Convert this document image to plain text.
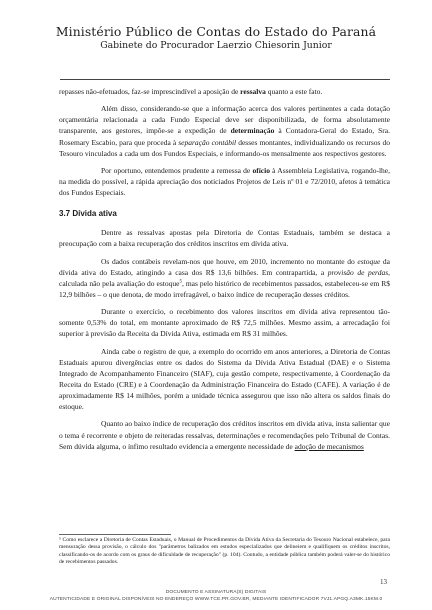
Ministério Público de Contas do Estado do Paraná
Gabinete do Procurador Laerzio Chiesorin Junior

repasses não-efetuados, faz-se imprescindível a aposição de ressalva quanto a este fato.

Além disso, considerando-se que a informação acerca dos valores pertinentes a cada dotação orçamentária relacionada a cada Fundo Especial deve ser disponibilizada, de forma absolutamente transparente, aos gestores, impõe-se a expedição de determinação à Contadora-Geral do Estado, Sra. Rosemary Escabio, para que proceda à separação contábil desses montantes, individualizando os recursos do Tesouro vinculados a cada um dos Fundos Especiais, e informando-os mensalmente aos respectivos gestores.

Por oportuno, entendemos prudente a remessa de ofício à Assembleia Legislativa, rogando-lhe, na medida do possível, a rápida apreciação dos noticiados Projetos de Leis nº 01 e 72/2010, afetos à temática dos Fundos Especiais.

3.7 Dívida ativa

Dentre as ressalvas apostas pela Diretoria de Contas Estaduais, também se destaca a preocupação com a baixa recuperação dos créditos inscritos em dívida ativa.

Os dados contábeis revelam-nos que houve, em 2010, incremento no montante do estoque da dívida ativa do Estado, atingindo a casa dos R$ 13,6 bilhões. Em contrapartida, a provisão de perdas, calculada não pela avaliação do estoque$^5$, mas pelo histórico de recebimentos passados, estabeleceu-se em R$ 12,9 bilhões – o que denota, de modo irrefragável, o baixo índice de recuperação desses créditos.

Durante o exercício, o recebimento dos valores inscritos em dívida ativa representou tão-somente 0,53% do total, em montante aproximado de R$ 72,5 milhões. Mesmo assim, a arrecadação foi superior à previsão da Receita da Dívida Ativa, estimada em R$ 31 milhões.

Ainda cabe o registro de que, a exemplo do ocorrido em anos anteriores, a Diretoria de Contas Estaduais apurou divergências entre os dados do Sistema da Dívida Ativa Estadual (DAE) e o Sistema Integrado de Acompanhamento Financeiro (SIAF), cuja gestão compete, respectivamente, à Coordenação da Receita do Estado (CRE) e à Coordenação da Administração Financeira do Estado (CAFE). A variação é de aproximadamente R$ 14 milhões, porém a unidade técnica assegurou que isso não altera os saldos finais do estoque.

Quanto ao baixo índice de recuperação dos créditos inscritos em dívida ativa, insta salientar que o tema é recorrente e objeto de reiteradas ressalvas, determinações e recomendações pelo Tribunal de Contas. Sem dúvida alguma, o ínfimo resultado evidencia a emergente necessidade de adoção de mecanismos

⁵ Como esclarece a Diretoria de Contas Estaduais, o Manual de Procedimentos da Dívida Ativa da Secretaria do Tesouro Nacional estabelece, para mensuração dessa provisão, o cálculo dos "parâmetros balizados em estudos especializados que delineiem e qualifiquem os créditos inscritos, classificando-os de acordo com os graus de dificuldade de recuperação" (p. 104). Contudo, a entidade pública também poderá valer-se do histórico de recebimentos passados.
13
DOCUMENTO E ASSINATURA(S) DIGITAIS
AUTENTICIDADE E ORIGINAL DISPONÍVEIS NO ENDEREÇO WWW.TCE.PR.GOV.BR, MEDIANTE IDENTIFICADOR 7VJ1.APGQ.A3MK.15KM.0
